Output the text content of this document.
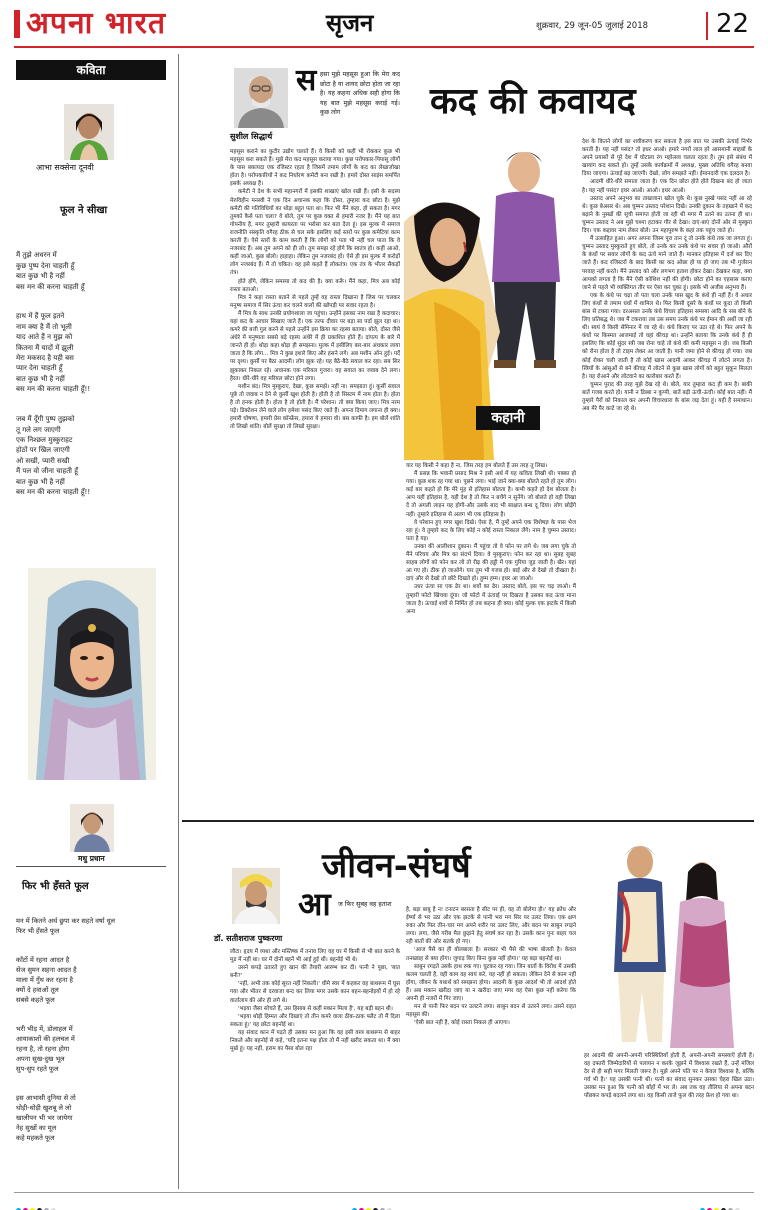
अपना भारत	सृजन	शुक्रवार, 29 जून-05 जुलाई 2018	22
कविता
आभा सक्सेना दूनवी
फूल ने सीखा

मैं तुझे अधरन में
कुछ पुष्प देना चाहती हूँ
बात कुछ भी है नहीं
बस मन की करना चाहती हूँ

हाथ में हैं फूल इतने
नाम क्या है मैं तो भूली
याद आते हैं न मुझ को
कितना मैं यादों में झूली
मेरा मकसद है यही बस
प्यार देना चाहती हूँ
बात कुछ भी है नहीं
बस मन की करना चाहती हूँ!!

जब मैं दूँगी पुष्प तुझको
तू गले लग जाएगी
एक निश्छल मुस्कुराहट
होठों पर खिल जाएगी
ओ सखी, प्यारी सखी
मैं पल वो जीना चाहती हूँ
बात कुछ भी है नहीं
बस मन की करना चाहती हूँ!!

मधु प्रधान
फिर भी हँसते फूल

मन में कितने अर्थ छुपा कर सहते वर्षा धूल
फिर भी हँसते फूल

काँटों में रहना आदत है
सेज सुमन सहना आदत है
माला में गुँथ कर रहना है
क्यों दे हवाओं तूल
सबसे कहते फूल

भरी भीड़ में, डोलाहल में
आयाकाशों की हलचल में
रहना है, तो रहना होगा
अपना सुख-दुख भूल
सुप-सुप रहते फूल

इस आभासी दुनिया से तो
थोड़ी-थोड़ी खुशबू ले लो
खालीपन भी भर जायेगा
नेह सुखों का मूल
कहे महकते फूल

सुशील सिद्धार्थ
स हसा मुझे महसूस हुआ कि मेरा कद छोटा है या शायद छोटा होता जा रहा है। यह कहना अधिक सही होगा कि यह बात मुझे महसूस कराई गई। कुछ लोग	कद की कवायद
कहानी

महसूस कराने का कुटीर उद्योग चलाते हैं। वे किसी को कहीं भी रोककर कुछ भी महसूस करा सकते हैं। मुझे मेरा कद महसूस कराया गया। कुछ परोपकार-पिपासु लोगों के पास बकायदा एक रजिस्टर रहता है जिसमें तमाम लोगों के कद का लेखाजोखा होता है। परोपकारियों ने कद निर्धारण कमेटी बना रखी है। हमारे दोस्त साइंस समर्पित इसके अध्यक्ष हैं।

कमेटी ने देश के सभी महानगरों में इसकी शाखाएं खोल रखी हैं। इसी के सदस्य मेरुविहीन मनस्वी ने एक दिन अचानक कहा कि दोस्त, तुम्हारा कद छोटा है। मुझे कमेटी की गतिविधियों का थोड़ा बहुत पता था। फिर भी मैंने कहा, हो सकता है। मगर तुमको कैसे पता चला? वे बोले, तुम पर कुछ वक्त से हमारी नजर है। मैंने यह बात गोपनीय है, मगर तुम्हारी कायरता पर भरोसा कर बता देता हूं। इस मुल्क में समाज राजनीति संस्कृति वगैरह ठीक से चल सके इसलिए कई स्तरों पर कुछ कमेटियां काम करती हैं। ऐसे स्तरों के काम करती हैं कि लोगों को पता भी नहीं चल पाता कि वे नजरबंद हैं। अब तुम अपने को ही लो। तुम समझ रहे होगे कि स्वतंत्र हो। कहीं आओ, कहीं जाओ, कुछ बोलो। हाहाहा। लेकिन तुम नजरबंद हो। ऐसे ही इस मुल्क में करोड़ों लोग नजरबंद हैं। मैं तो चकित। वह इसे कहते हैं लोकतंत्र। एक तंत्र के भीतर सैकड़ों तंत्र।

होते होंगे, लेकिन समस्या तो कद की है। क्या करूँ। मैंने कहा, मित्र अब कोई रास्ता बताओ।

मित्र ने कहा रास्ता बताने से पहले तुम्हें वह रास्ता दिखाना है जिस पर चलकर मनुष्य समाज में सिर ऊंचा कर चलने वालों की खोपड़ी पर सवार रहता है।

मैं मित्र के साथ उनकी प्रयोगशाला जा पहुंचा। उन्होंने इसका नाम रखा है कदाचार। यहां कद के आचार सिखाए जाते हैं। एक तरफ दीवार पर बड़ा सा पर्दा झूल रहा था। कमरे की बत्ती गुल करने से पहले उन्होंने इस क्रिया का रहस्य बताया। बोले, दोस्त जैसे अंधेरे में मनुष्यता सबसे बड़े रहस्य अंधेरे में ही प्रकाशित होते हैं। दांपत्य के बारे में जानते ही हो। थोड़ा कहा थोड़ा ही समझना। मुल्क में इसीलिए बार-बार अंधकार लाया जाता है कि लोग... मित्र ने कुछ इशारे किए और हंसने लगे। अब मशीन ऑन हुई। पर्दे पर दृश्य। कुर्सी पर बैठा आदमी। लोग झुक रहे। यह बैठे-बैठे सवाल कर रहा। सब सिर झुकाकर निकल रहे। अचानक एक मरियल गुजरा। वह सवाल का जवाब देने लगा। हैरत। धीरे-धीरे वह मरियल छोटा होने लगा।

मशीन बंद। मित्र मुस्कुराए, देखा, कुछ समझे। नहीं ना। समझाता हूं। कुर्सी सवाल पूछे तो जवाब न देने से कुर्सी खुश होती है। होती है तो सिस्टम में नाम होता है। होता है तो हनक होती है। होता है तो होती है। मैं परेशान। तो क्या किया जाए। मित्र नरम पड़े। डिक्टेशन लेने वाले लोग हमेशा पसंद किए जाते हैं। अपना दिमाग लगाना ही क्या। हमारी घोषणा, हमारी प्रेस कॉन्फ्रेंस, हमारा ये हमारा वो। बस काफी है। हम बोलें शांति तो लिखो शांति। बोलें सुरक्षा तो लिखो सुरक्षा।

यार यह किसी ने कहा है ना, जिस तरह हम बोलते हैं उस तरह तू लिख।

मैं प्रसन्न कि भवानी प्रसाद मिश्र ने इसी अर्थ में यह कविता लिखी थी। पक्का हो गया। कुछ शक रह गया था। पूछने लगा। भाई जाने क्या-क्या बोलते रहते हो तुम लोग। कई बार कहते हो कि मेरे मुंह से इतिहास बोलता है। कभी कहते हो देश बोलता है। आप यहीं इतिहास है, यही देश है तो फिर न बचेंगे न सुनेंगे। जो बोलते हो वही लिखा दें तो अगली लाइन यह होगी-और उसके बाद भी साक्षात बन्ध दू दिया। लोग छोड़ेंगे नहीं। तुम्हारे इतिहास से अलग भी एक इतिहास है।

वे परेशान हुए मगर खुश दिखे। ऐसा है, मैं तुम्हें अपने एक विशेषज्ञ के पास भेज रहा हूं। वे तुम्हारे कद के लिए कोई न कोई रास्ता निकाल लेंगे। नाम है चुम्मन उस्ताद। पता है यह।

उनका की आलीशान दुकान। मैं पहुंचा तो वे फोन पर लगे थे। जब लगा चुके तो मैंने परिचय और मित्र का संदर्भ दिया। वे मुस्कुराए। फोन कर रहा था। सुबह सुबह साहब लोगों को फोन कर लो तो रीढ़ की हड्डी में एक गुरिया जुड़ जाती है। खैर। यहां आ गए हो। ठीक हो जाओगे। यार तुम भी गजब हो। बाई और से देखो तो दीखता है। दाएं और से देखो तो छोटे दिखते हो। हुम्म हम्म। इधर आ जाओ।

उधर ऊंचा सा एक ढेर था। शवों का ढेर। उस्ताद बोले, इस पर चढ़ जाओ। मैं तुम्हारी फोटो खिंचवा दूंगा। जो फोटो में ऊंचाई पर दिखता है उसका कद ऊंचा माना जाता है। ऊंचाई शवों से निर्मित हो तब कहना ही क्या। कोई मुल्क एक झटके में किसी अन्य

देश के कितने लोगों का शवीकरण कर सकता है इस बात पर उसकी ऊंचाई निर्भर करती है। यह नहीं पसंद? तो इधर आओ। हमारे नगरों लाल हरे आसमानी साहबों के अपने प्रयासों से पूरे देश में घोटाला रंग महोत्सव चलता रहता है। तुम इसे संबंध में खायांग कद सकते हो। तुम्हें उसके कार्यक्रमों में अध्यक्ष, मुख्य अतिथि वगैरह बनवा दिया जाएगा। ऊंचाई बढ़ जाएगी। देखो, लोग समझते नहीं। ईमानदारी एक दलदल है।

आदमी धीरे-धीरे समाता जाता है। एक दिन छोटा होते होते दिखना बंद हो जाता है। यह नहीं पसंद? इधर आओ। आओ। इधर आओ।

उस्ताद अपने अनुभव का ताखजाना खोल चुके थे। कुछ नुस्खे पसंद नहीं आ रहे थे। कुछ बेअसर थे। अब चुम्मन उस्ताद परेशान दिखे। उनकी दुकान के तहखाने में कद बढ़ाने के नुस्खों की सूची समाप्त होती जा रही थी मगर मैं उतने का उतना ही था। चुम्मन उस्ताद ने अब मुझे चश्मा हटाकर गौर से देखा। दाएं-बाएं दोनों ओर से मुस्कुरा दिए। एक कद्दावर नाम लेकर बोले। उन महापुरुष के कहां तक पहुंच जाते हो।

मैं उत्साहित हुआ। अगर अपना जिस्म पूरा तान दूं तो उनके कंधे तक जा लगता हूं। चुम्मन उस्ताद मुस्कुराते हुए बोले, तो उनके कर उनके कंधे पर सवार हो जाओ। औरों के कंधों पर सवार लोगों के कद ऊंचे माने जाते हैं। मानकर इतिहास में दर्ज कर दिए जाते हैं। कद रजिस्टरों के बाद किसी का कद ओछा हो या हो जाए तब भी गुर्जरान परवाह नहीं करते। मैंने उस्ताद को और लगभग हताश होकर देखा। देखकर कहा, क्या आपको लगता है कि मैंने ऐसी कोशिश नहीं की होगी। छोटा होने का एहसास कराए जाने से पहले भी व्यक्तिगत तौर पर ऐसा कर चुका हूं। इसके भी अजीब अनुभव हैं।

एक के कंधे पर चढ़ा तो पता चला उनके पास खुद के कंधे ही नहीं हैं। वे अधार लिए कंधों से तमाम धंधों में शामिल थे। फिर किसी दूसरे के कंधों पर कूदा तो किसी बांस से टकरा गया। दरअसल उनके कंधे विचार इतिहास समस्या आदि के सब बोने के लिए प्रतिबद्ध थे। जब मैं टकराया तब उस समय उनके कंधे पर ईमान की अर्थी जा रही थी। स्वयं वे किसी सेमिनार में जा रहे थे। कंधे किराए पर उठा रहे थे। फिर अपने के कंधों पर किस्मत आजमाई तो वहां कीचड़ था। उन्होंने बताया कि उनके कंधे हैं ही इसलिए कि कोई सुंदर स्त्री जब रोना चाहे तो कंधे की कमी महसूस न हो। जब किसी को रोना होता है तो टाइम लेकर आ जाती है। पानी जमा होने से कीचड़ हो गया। जब कोई रोकर चली जाती है तो कोई खास आदमी आकर कीचड़ में लोटने लगता है। स्त्रियों के आंसुओं से बने कीचड़ में लोटने से कुछ खास लोगों को बहुत सुकून मिलता है। यह रोआने और लोटवाने का कारोबार करते हैं।

चुम्मन पुराद की तरह मुझे देख रहे थे। बोले, यार तुम्हारा कद ही कम है। बाकी बातें गजब करते हो। यानी न डिब्बा न कुप्पी, बातें बड़ी ऊंची-ऊंची। कोई बात नहीं। मैं तुम्हारे पैरों को निकाल कर अपनी विचारधारा के बांस जड़ देता हूं। यही है समाधान। अब मेरे पैर काटे जा रहे थे।

जीवन-संघर्ष
डॉ. सतीशराज पुष्करणा
आ ज फिर सुबह वह हताश

लौटा। हृदय में व्यथा और मस्तिष्क में तनाव लिए वह घर में किसी से भी बात करने के मूड में नहीं था। घर में दोनों बहनें भी आई हुई थीं। बहनोई भी थे।

उसने कपड़े उतारते हुए खान की तैयारी आरम्भ कर दी। पत्नी ने पूछा, 'बात बनी?'

'नहीं, अभी तक कोई सूरत नहीं निकली।' धीमे स्वर में कहकर वह बाथरूम में घुस गया और भीतर से दरवाजा बन्द कर लिया मगर उसके कान बहन-बहनोइयों में हो रहे वार्तालाप की ओर ही लगे थे।

'भइया जैसा सोचते हैं, उस हिसाब से कहीं मकान मिला है', यह बड़ी बहन थी।

'भइया थोड़ी हिम्मत और दिखाएं तो तीन कमरे वाला ठीक-ठाक फ्लैट तो मैं दिला सकता हूं।' यह छोटा बहनोई था।

यह संवाद कान में पड़ते ही उसका मन हुआ कि वह इसी वस्त्र बाथरूम से बाहर निकले और बहनोई से कहे, 'यदि इतना पक्ष होता तो मैं नहीं खरीद सकता था। मैं क्या मूर्ख हूं। यह नहीं, हराम का पैसा बोल रहा

है, बड़ा बाबू है न! टनाटन बरसता है सीट पर ही, वह तो बोलेगा ही।' वह क्रोध और ईर्ष्या से भर उठा और एक झटके से पानी भरा मग सिर पर उलट लिया। एक क्षण रुका और फिर तीन-चार मग अपने शरीर पर उलट लिए, और बदन पर साबुन रगड़ने लगा। लगा, जैसे गरीब मैल छुड़ाने हेतु संघर्ष कर रहा है। उसके कान पुनः बाहर चल रही बातों की ओर सतर्क हो गए।

'आज पैसे का ही बोलबाला है। सरकार भी पैसे की भाषा बोलती है। केवल तनख्वाह से क्या होगा। जुगाड़ किए बिना कुछ नहीं होगा।' यह बड़ा बहनोई था।

साबुन रगड़ते उसके हाथ रुक गए। घुटकर रह गया। जिन बातों के विरोध में उसकी कलम चलती है, वही काम वह स्वयं करे, यह नहीं हो सकता। लेकिन देने से काम नहीं होगा, जीवन के यथार्थ को समझना होगा। आदमी के कुछ आदर्श भी तो आदर्श होते हैं। अब मकान खरीदा जाए या न खरीदा जाए मगर वह ऐसा कुछ नहीं करेगा कि अपनी ही नजरों में गिर जाए।

मन से पानी फिर बदन पर उलटने लगा। साबुन बदन से उतरने लगा। उसने राहत महसूस की।

'ऐसी बात नहीं है, कोई रास्ता निकल ही आएगा।

हर आदमी की अपनी-अपनी परिस्थितियाँ होती हैं, अपनी-अपनी समस्याएँ होती हैं। वह दफ्तरी जिम्मेदारियों से पलायन न करके जूझने में विश्वास रखते हैं, उन्हें मंजिल देर से ही सही मगर मिलती जरूर है। मुझे अपने पति पर न केवल विश्वास है, बल्कि गर्व भी है।' यह उसकी पत्नी थी। पत्नी का संवाद सुनकर उसका चेहरा खिल उठा। उसका मन हुआ कि पत्नी को बाँहों में भर ले। अब तक वह तौलिया से अपना बदन पोंछकर कपड़े बदलने लगा था। वह किसी ताजे फूल की तरह फ्रेश हो गया था।
